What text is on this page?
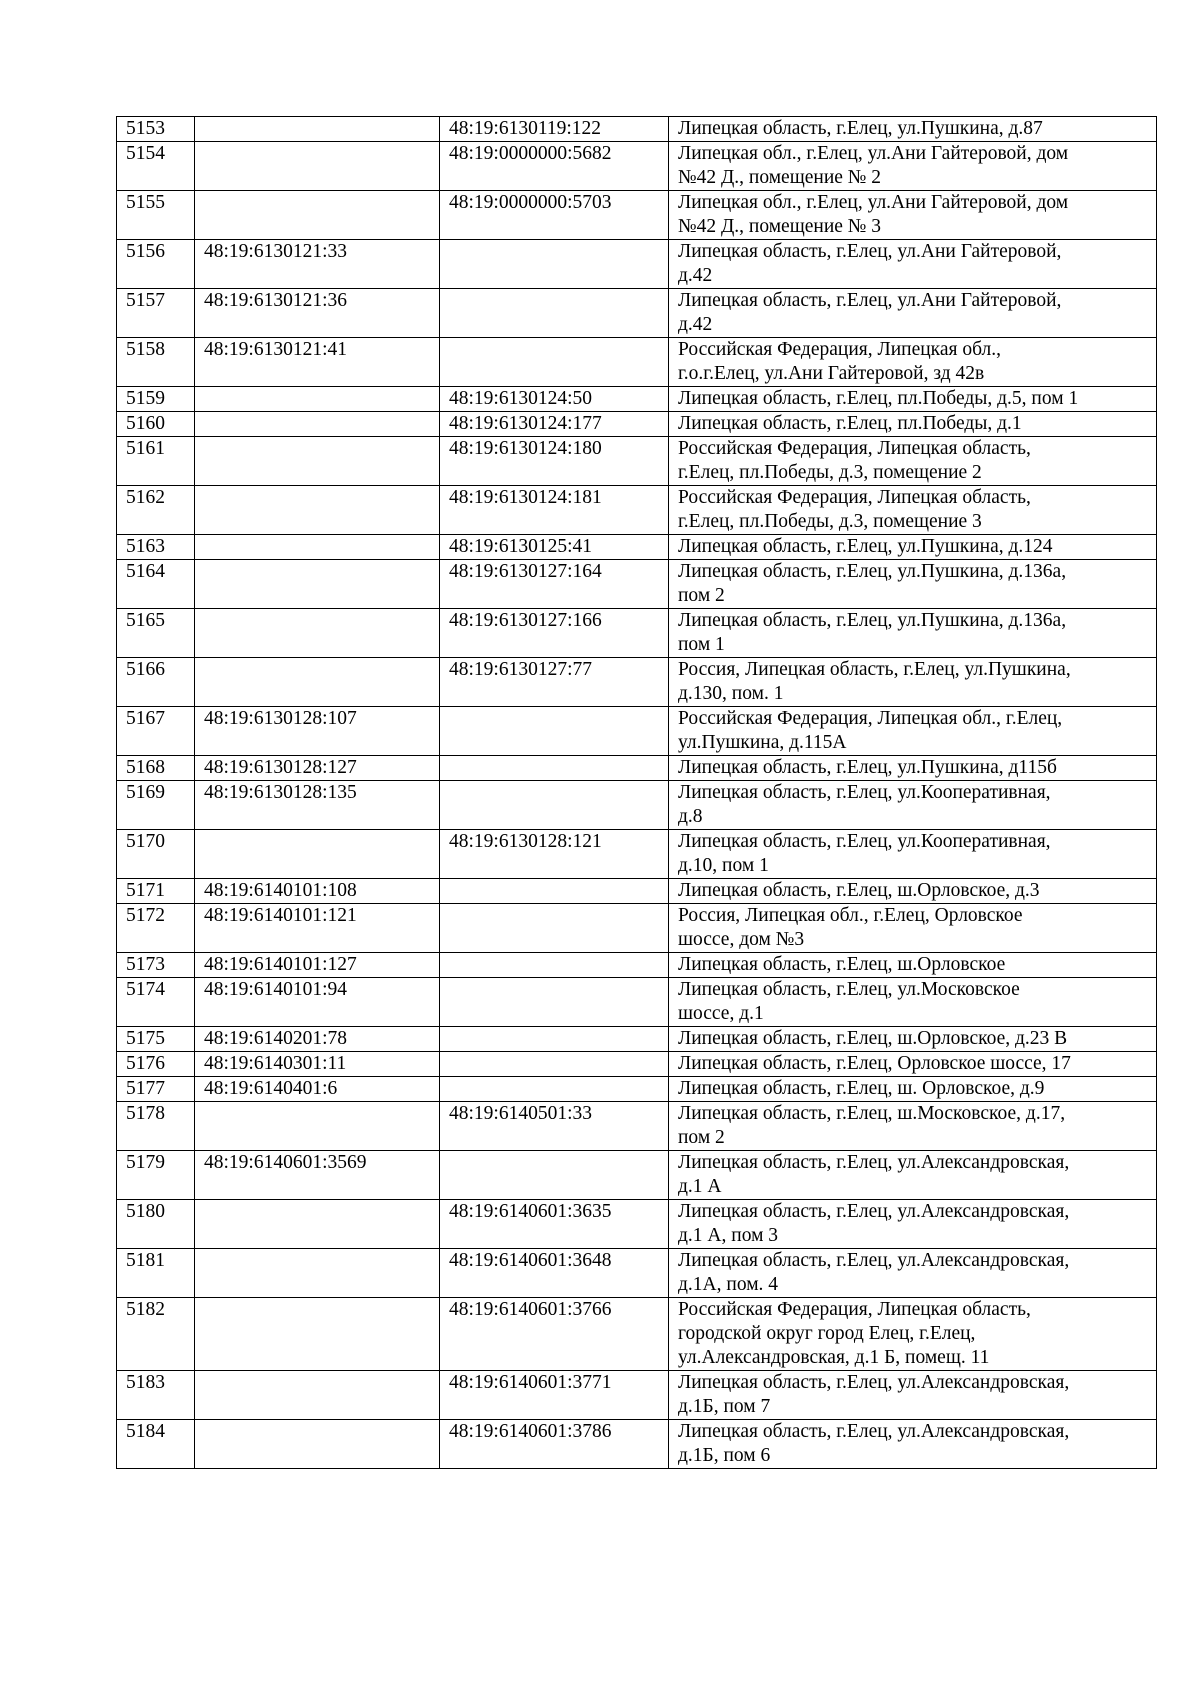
5153		48:19:6130119:122	Липецкая область, г.Елец, ул.Пушкина, д.87
5154		48:19:0000000:5682	Липецкая обл., г.Елец, ул.Ани Гайтеровой, дом
№42 Д., помещение № 2
5155		48:19:0000000:5703	Липецкая обл., г.Елец, ул.Ани Гайтеровой, дом
№42 Д., помещение № 3
5156	48:19:6130121:33		Липецкая область, г.Елец, ул.Ани Гайтеровой,
д.42
5157	48:19:6130121:36		Липецкая область, г.Елец, ул.Ани Гайтеровой,
д.42
5158	48:19:6130121:41		Российская Федерация, Липецкая обл.,
г.о.г.Елец, ул.Ани Гайтеровой, зд 42в
5159		48:19:6130124:50	Липецкая область, г.Елец, пл.Победы, д.5, пом 1
5160		48:19:6130124:177	Липецкая область, г.Елец, пл.Победы, д.1
5161		48:19:6130124:180	Российская Федерация, Липецкая область,
г.Елец, пл.Победы, д.3, помещение 2
5162		48:19:6130124:181	Российская Федерация, Липецкая область,
г.Елец, пл.Победы, д.3, помещение 3
5163		48:19:6130125:41	Липецкая область, г.Елец, ул.Пушкина, д.124
5164		48:19:6130127:164	Липецкая область, г.Елец, ул.Пушкина, д.136а,
пом 2
5165		48:19:6130127:166	Липецкая область, г.Елец, ул.Пушкина, д.136а,
пом 1
5166		48:19:6130127:77	Россия, Липецкая область, г.Елец, ул.Пушкина,
д.130, пом. 1
5167	48:19:6130128:107		Российская Федерация, Липецкая обл., г.Елец,
ул.Пушкина, д.115А
5168	48:19:6130128:127		Липецкая область, г.Елец, ул.Пушкина, д115б
5169	48:19:6130128:135		Липецкая область, г.Елец, ул.Кооперативная,
д.8
5170		48:19:6130128:121	Липецкая область, г.Елец, ул.Кооперативная,
д.10, пом 1
5171	48:19:6140101:108		Липецкая область, г.Елец, ш.Орловское, д.3
5172	48:19:6140101:121		Россия, Липецкая обл., г.Елец, Орловское
шоссе, дом №3
5173	48:19:6140101:127		Липецкая область, г.Елец, ш.Орловское
5174	48:19:6140101:94		Липецкая область, г.Елец, ул.Московское
шоссе, д.1
5175	48:19:6140201:78		Липецкая область, г.Елец, ш.Орловское, д.23 В
5176	48:19:6140301:11		Липецкая область, г.Елец, Орловское шоссе, 17
5177	48:19:6140401:6		Липецкая область, г.Елец, ш. Орловское, д.9
5178		48:19:6140501:33	Липецкая область, г.Елец, ш.Московское, д.17,
пом 2
5179	48:19:6140601:3569		Липецкая область, г.Елец, ул.Александровская,
д.1 А
5180		48:19:6140601:3635	Липецкая область, г.Елец, ул.Александровская,
д.1 А, пом 3
5181		48:19:6140601:3648	Липецкая область, г.Елец, ул.Александровская,
д.1А, пом. 4
5182		48:19:6140601:3766	Российская Федерация, Липецкая область,
городской округ город Елец, г.Елец,
ул.Александровская, д.1 Б, помещ. 11
5183		48:19:6140601:3771	Липецкая область, г.Елец, ул.Александровская,
д.1Б, пом 7
5184		48:19:6140601:3786	Липецкая область, г.Елец, ул.Александровская,
д.1Б, пом 6
